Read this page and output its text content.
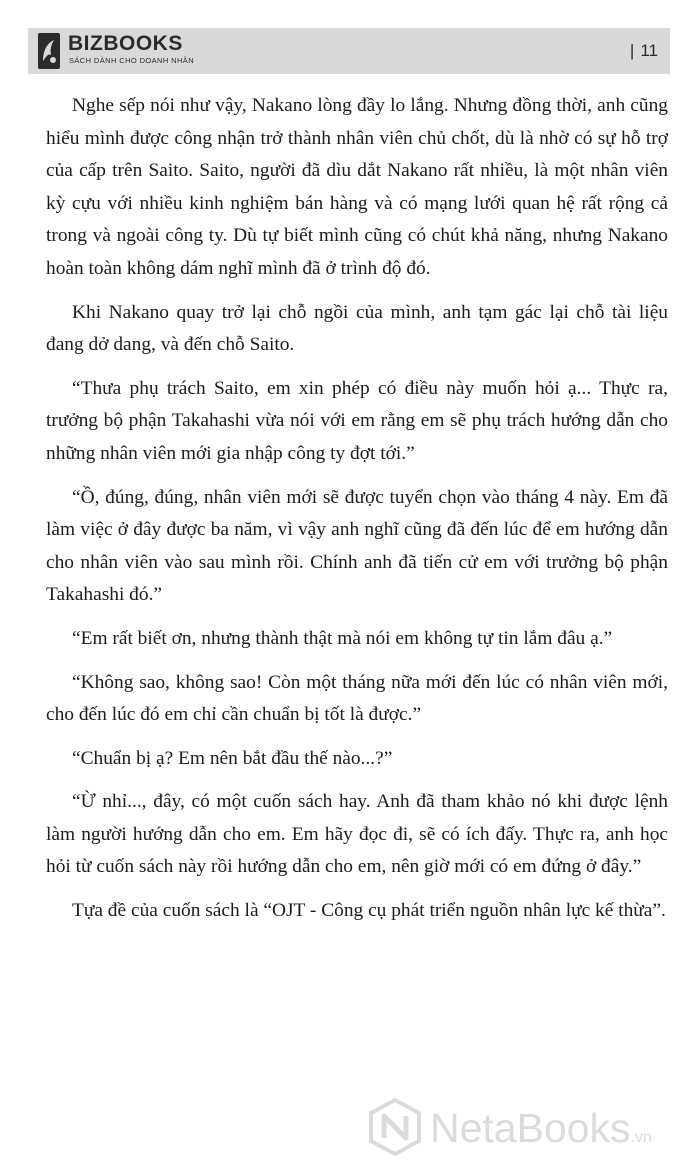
BIZBOOKS
SÁCH DÀNH CHO DOANH NHÂN
| 11

Nghe sếp nói như vậy, Nakano lòng đầy lo lắng. Nhưng đồng thời, anh cũng hiểu mình được công nhận trở thành nhân viên chủ chốt, dù là nhờ có sự hỗ trợ của cấp trên Saito. Saito, người đã dìu dắt Nakano rất nhiều, là một nhân viên kỳ cựu với nhiều kinh nghiệm bán hàng và có mạng lưới quan hệ rất rộng cả trong và ngoài công ty. Dù tự biết mình cũng có chút khả năng, nhưng Nakano hoàn toàn không dám nghĩ mình đã ở trình độ đó.

Khi Nakano quay trở lại chỗ ngồi của mình, anh tạm gác lại chỗ tài liệu đang dở dang, và đến chỗ Saito.

“Thưa phụ trách Saito, em xin phép có điều này muốn hỏi ạ... Thực ra, trưởng bộ phận Takahashi vừa nói với em rằng em sẽ phụ trách hướng dẫn cho những nhân viên mới gia nhập công ty đợt tới.”

“Ồ, đúng, đúng, nhân viên mới sẽ được tuyển chọn vào tháng 4 này. Em đã làm việc ở đây được ba năm, vì vậy anh nghĩ cũng đã đến lúc để em hướng dẫn cho nhân viên vào sau mình rồi. Chính anh đã tiến cử em với trưởng bộ phận Takahashi đó.”

“Em rất biết ơn, nhưng thành thật mà nói em không tự tin lắm đâu ạ.”

“Không sao, không sao! Còn một tháng nữa mới đến lúc có nhân viên mới, cho đến lúc đó em chỉ cần chuẩn bị tốt là được.”

“Chuẩn bị ạ? Em nên bắt đầu thế nào...?”

“Ừ nhỉ..., đây, có một cuốn sách hay. Anh đã tham khảo nó khi được lệnh làm người hướng dẫn cho em. Em hãy đọc đi, sẽ có ích đấy. Thực ra, anh học hỏi từ cuốn sách này rồi hướng dẫn cho em, nên giờ mới có em đứng ở đây.”

Tựa đề của cuốn sách là “OJT - Công cụ phát triển nguồn nhân lực kế thừa”.

NetaBooks.vn
